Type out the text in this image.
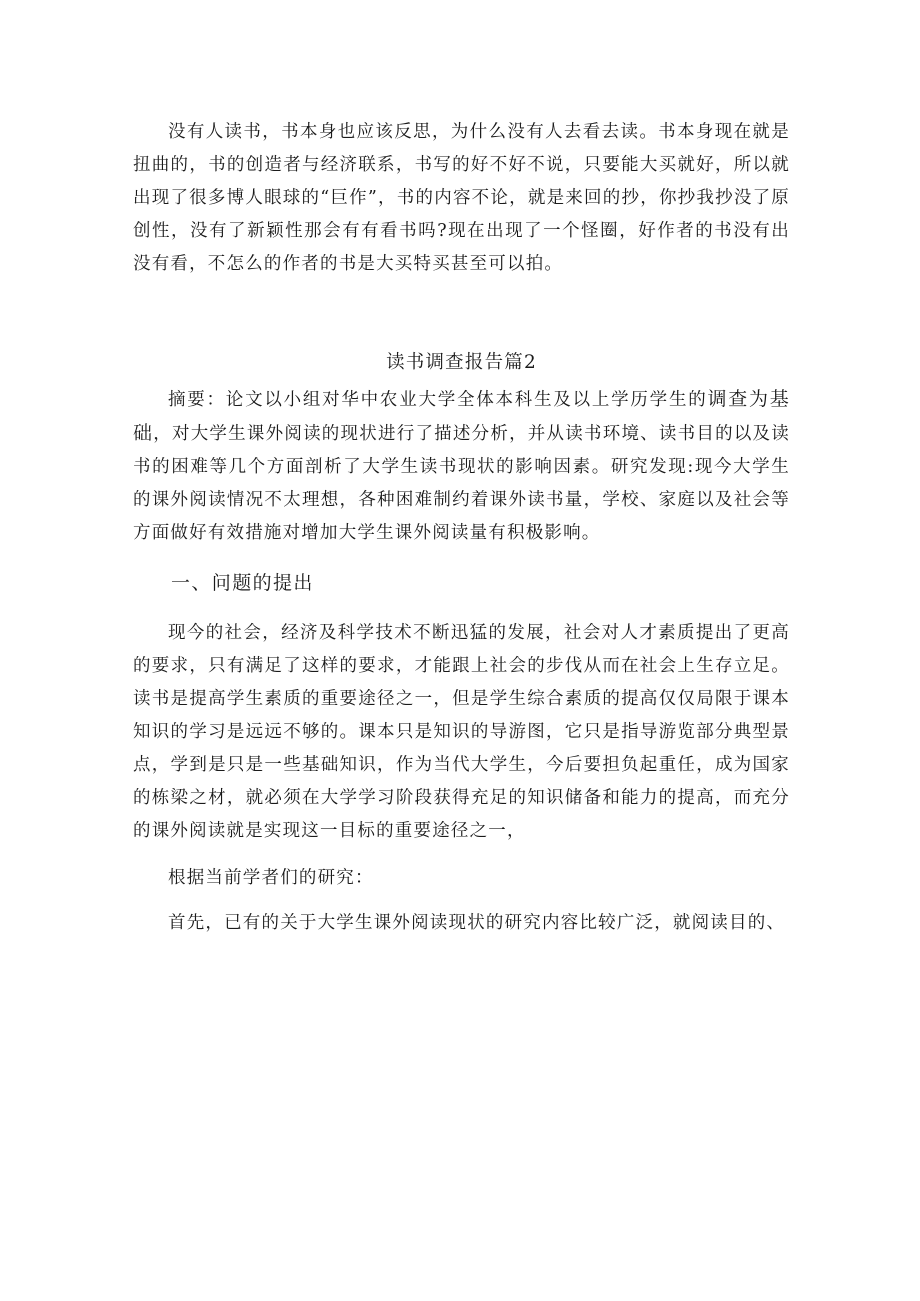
没有人读书，书本身也应该反思，为什么没有人去看去读。书本身现在就是扭曲的，书的创造者与经济联系，书写的好不好不说，只要能大买就好，所以就出现了很多博人眼球的“巨作”，书的内容不论，就是来回的抄，你抄我抄没了原创性，没有了新颖性那会有有看书吗?现在出现了一个怪圈，好作者的书没有出没有看，不怎么的作者的书是大买特买甚至可以拍。

读书调查报告篇2

摘要：论文以小组对华中农业大学全体本科生及以上学历学生的调查为基础，对大学生课外阅读的现状进行了描述分析，并从读书环境、读书目的以及读书的困难等几个方面剖析了大学生读书现状的影响因素。研究发现:现今大学生的课外阅读情况不太理想，各种困难制约着课外读书量，学校、家庭以及社会等方面做好有效措施对增加大学生课外阅读量有积极影响。

一、问题的提出

现今的社会，经济及科学技术不断迅猛的发展，社会对人才素质提出了更高的要求，只有满足了这样的要求，才能跟上社会的步伐从而在社会上生存立足。读书是提高学生素质的重要途径之一，但是学生综合素质的提高仅仅局限于课本知识的学习是远远不够的。课本只是知识的导游图，它只是指导游览部分典型景点，学到是只是一些基础知识，作为当代大学生，今后要担负起重任，成为国家的栋梁之材，就必须在大学学习阶段获得充足的知识储备和能力的提高，而充分的课外阅读就是实现这一目标的重要途径之一，

根据当前学者们的研究：

首先，已有的关于大学生课外阅读现状的研究内容比较广泛，就阅读目的、
